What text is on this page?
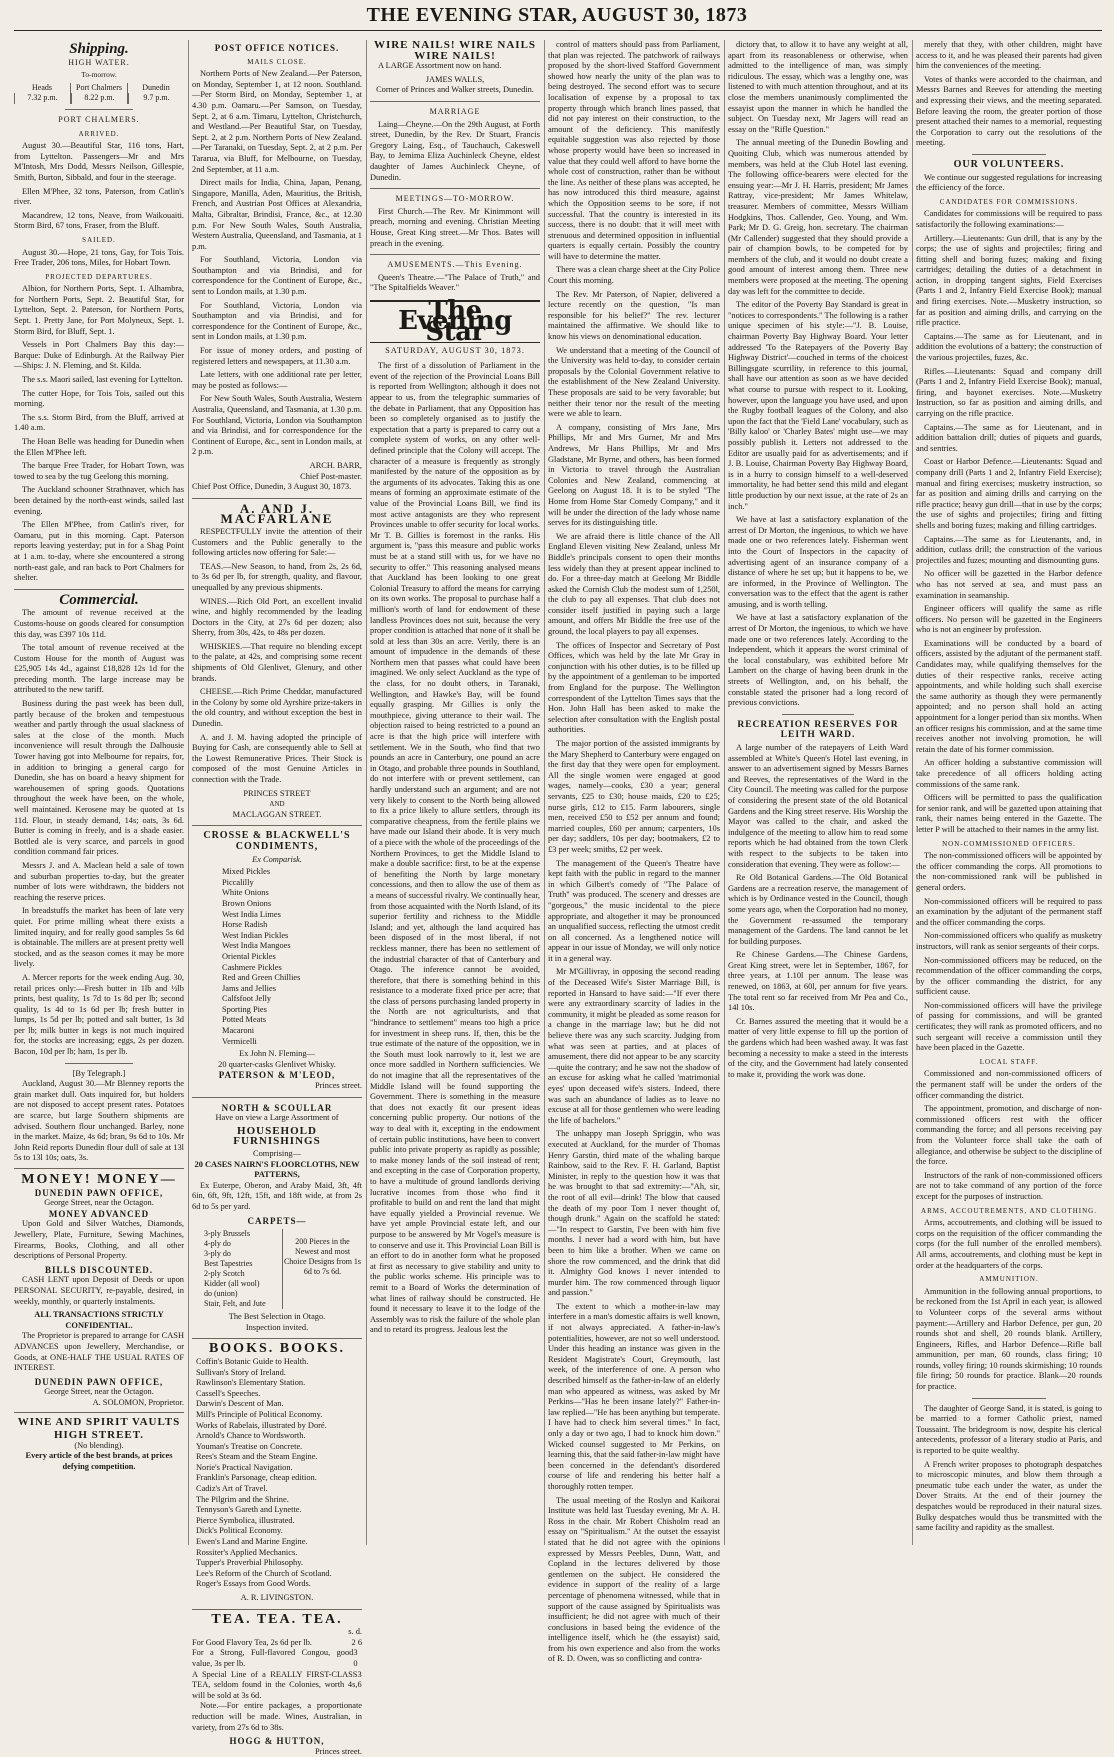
THE EVENING STAR, AUGUST 30, 1873
Shipping.
HIGH WATER.
To-morrow.
Heads
7.32 p.m.
Port Chalmers
8.22 p.m.
Dunedin
9.7 p.m.
PORT CHALMERS.
ARRIVED.

August 30.—Beautiful Star, 116 tons, Hart, from Lyttelton. Passengers—Mr and Mrs M'Intosh, Mrs Dodd, Messrs Neilson, Gillespie, Smith, Burton, Sibbald, and four in the steerage.

Ellen M'Phee, 32 tons, Paterson, from Catlin's river.

Macandrew, 12 tons, Neave, from Waikouaiti. Storm Bird, 67 tons, Fraser, from the Bluff.

SAILED.

August 30.—Hope, 21 tons, Gay, for Tois Tois. Free Trader, 206 tons, Miles, for Hobart Town.

PROJECTED DEPARTURES.

Albion, for Northern Ports, Sept. 1. Alhambra, for Northern Ports, Sept. 2. Beautiful Star, for Lyttelton, Sept. 2. Paterson, for Northern Ports, Sept. 1. Pretty Jane, for Port Molyneux, Sept. 1. Storm Bird, for Bluff, Sept. 1.

Vessels in Port Chalmers Bay this day:—Barque: Duke of Edinburgh. At the Railway Pier—Ships: J. N. Fleming, and St. Kilda.

The s.s. Maori sailed, last evening for Lyttelton.

The cutter Hope, for Tois Tois, sailed out this morning.

The s.s. Storm Bird, from the Bluff, arrived at 1.40 a.m.

The Hoan Belle was heading for Dunedin when the Ellen M'Phee left.

The barque Free Trader, for Hobart Town, was towed to sea by the tug Geelong this morning.

The Auckland schooner Strathnaver, which has been detained by the north-east winds, sailed last evening.

The Ellen M'Phee, from Catlin's river, for Oamaru, put in this morning. Capt. Paterson reports leaving yesterday; put in for a Shag Point at 1 a.m. to-day, where she encountered a strong north-east gale, and ran back to Port Chalmers for shelter.

Commercial.

The amount of revenue received at the Customs-house on goods cleared for consumption this day, was £397 10s 11d.

The total amount of revenue received at the Custom House for the month of August was £25,905 14s 4d., against £18,828 12s 1d for the preceding month. The large increase may be attributed to the new tariff.

Business during the past week has been dull, partly because of the broken and tempestuous weather and partly through the usual slackness of sales at the close of the month. Much inconvenience will result through the Dalhousie Tower having got into Melbourne for repairs, for, in addition to bringing a general cargo for Dunedin, she has on board a heavy shipment for warehousemen of spring goods. Quotations throughout the week have been, on the whole, well maintained. Kerosene may be quoted at 1s 11d. Flour, in steady demand, 14s; oats, 3s 6d. Butter is coming in freely, and is a shade easier. Bottled ale is very scarce, and parcels in good condition command fair prices.

Messrs J. and A. Maclean held a sale of town and suburban properties to-day, but the greater number of lots were withdrawn, the bidders not reaching the reserve prices.

In breadstuffs the market has been of late very quiet. For prime milling wheat there exists a limited inquiry, and for really good samples 5s 6d is obtainable. The millers are at present pretty well stocked, and as the season comes it may be more lively.

A. Mercer reports for the week ending Aug. 30, retail prices only:—Fresh butter in 1lb and ½lb prints, best quality, 1s 7d to 1s 8d per lb; second quality, 1s 4d to 1s 6d per lb; fresh butter in lumps, 1s 5d per lb; potted and salt butter, 1s 3d per lb; milk butter in kegs is not much inquired for, the stocks are increasing; eggs, 2s per dozen. Bacon, 10d per lb; ham, 1s per lb.

[By Telegraph.]

Auckland, August 30.—Mr Blenney reports the grain market dull. Oats inquired for, but holders are not disposed to accept present rates. Potatoes are scarce, but large Southern shipments are advised. Southern flour unchanged. Barley, none in the market. Maize, 4s 6d; bran, 9s 6d to 10s. Mr John Reid reports Dunedin flour dull of sale at 13l 5s to 13l 10s; oats, 3s.

MONEY! MONEY—
DUNEDIN PAWN OFFICE,
George Street, near the Octagon.
MONEY ADVANCED

Upon Gold and Silver Watches, Diamonds, Jewellery, Plate, Furniture, Sewing Machines, Firearms, Books, Clothing, and all other descriptions of Personal Property.

BILLS DISCOUNTED.

CASH LENT upon Deposit of Deeds or upon PERSONAL SECURITY, re-payable, desired, in weekly, monthly, or quarterly instalments.

ALL TRANSACTIONS STRICTLY CONFIDENTIAL.

The Proprietor is prepared to arrange for CASH ADVANCES upon Jewellery, Merchandise, or Goods, at ONE-HALF THE USUAL RATES OF INTEREST.

DUNEDIN PAWN OFFICE,
George Street, near the Octagon.
A. SOLOMON, Proprietor.
WINE AND SPIRIT VAULTS
HIGH STREET.
(No blending).
Every article of the best brands, at prices defying competition.
POST OFFICE NOTICES.
MAILS CLOSE.

Northern Ports of New Zealand.—Per Paterson, on Monday, September 1, at 12 noon. Southland.—Per Storm Bird, on Monday, September 1, at 4.30 p.m. Oamaru.—Per Samson, on Tuesday, Sept. 2, at 6 a.m. Timaru, Lyttelton, Christchurch, and Westland.—Per Beautiful Star, on Tuesday, Sept. 2, at 2 p.m. Northern Ports of New Zealand.—Per Taranaki, on Tuesday, Sept. 2, at 2 p.m. Per Tararua, via Bluff, for Melbourne, on Tuesday, 2nd September, at 11 a.m.

Direct mails for India, China, Japan, Penang, Singapore, Manilla, Aden, Mauritius, the British, French, and Austrian Post Offices at Alexandria, Malta, Gibraltar, Brindisi, France, &c., at 12.30 p.m. For New South Wales, South Australia, Western Australia, Queensland, and Tasmania, at 1 p.m.

For Southland, Victoria, London via Southampton and via Brindisi, and for correspondence for the Continent of Europe, &c., sent to London mails, at 1.30 p.m.

For Southland, Victoria, London via Southampton and via Brindisi, and for correspondence for the Continent of Europe, &c., sent in London mails, at 1.30 p.m.

For issue of money orders, and posting of registered letters and newspapers, at 11.30 a.m.

Late letters, with one additional rate per letter, may be posted as follows:—

For New South Wales, South Australia, Western Australia, Queensland, and Tasmania, at 1.30 p.m. For Southland, Victoria, London via Southampton and via Brindisi, and for correspondence for the Continent of Europe, &c., sent in London mails, at 2 p.m.

ARCH. BARR,
Chief Post-master.
Chief Post Office, Dunedin, 3 August 30, 1873.
A. AND J. MACFARLANE

RESPECTFULLY invite the attention of their Customers and the Public generally to the following articles now offering for Sale:—

TEAS.—New Season, to hand, from 2s, 2s 6d, to 3s 6d per lb, for strength, quality, and flavour, unequalled by any previous shipments.

WINES.—Rich Old Port, an excellent invalid wine, and highly recommended by the leading Doctors in the City, at 27s 6d per dozen; also Sherry, from 30s, 42s, to 48s per dozen.

WHISKIES.—That require no blending except to the palate, at 42s, and comprising some recent shipments of Old Glenlivet, Glenury, and other brands.

CHEESE.—Rich Prime Cheddar, manufactured in the Colony by some old Ayrshire prize-takers in the old country, and without exception the best in Dunedin.

A. and J. M. having adopted the principle of Buying for Cash, are consequently able to Sell at the Lowest Remunerative Prices. Their Stock is composed of the most Genuine Articles in connection with the Trade.

PRINCES STREET
AND
MACLAGGAN STREET.
CROSSE & BLACKWELL'S CONDIMENTS,
Ex Comparisk.
Mixed Pickles
Piccalilly
White Onions
Brown Onions
West India Limes
Horse Radish
West Indian Pickles
West India Mangoes
Oriental Pickles
Cashmere Pickles
Red and Green Chillies
Jams and Jellies
Calfsfoot Jelly
Sporting Pies
Potted Meats
Macaroni
Vermicelli
Ex John N. Fleming—
20 quarter-casks Glenlivet Whisky.
PATERSON & M'LEOD,
Princes street.
NORTH & SCOULLAR
Have on view a Large Assortment of
HOUSEHOLD FURNISHINGS
Comprising—
20 CASES NAIRN'S FLOORCLOTHS, NEW PATTERNS,

Ex Euterpe, Oberon, and Araby Maid, 3ft, 4ft 6in, 6ft, 9ft, 12ft, 15ft, and 18ft wide, at from 2s 6d to 5s per yard.

CARPETS—
3-ply Brussels
4-ply do
3-ply do
Best Tapestries
2-ply Scotch
Kidder (all wool)
do (union)
Stair, Felt, and Jute
200 Pieces in the Newest and most Choice Designs from 1s 6d to 7s 6d.
The Best Selection in Otago.
Inspection invited.
BOOKS. BOOKS.
Coffin's Botanic Guide to Health.
Sullivan's Story of Ireland.
Rawlinson's Elementary Station.
Cassell's Speeches.
Darwin's Descent of Man.
Mill's Principle of Political Economy.
Works of Rabelais, illustrated by Doré.
Arnold's Chance to Wordsworth.
Youman's Treatise on Concrete.
Rees's Steam and the Steam Engine.
Norie's Practical Navigation.
Franklin's Parsonage, cheap edition.
Cadiz's Art of Travel.
The Pilgrim and the Shrine.
Tennyson's Gareth and Lynette.
Pierce Symbolica, illustrated.
Dick's Political Economy.
Ewen's Land and Marine Engine.
Rossiter's Applied Mechanics.
Tupper's Proverbial Philosophy.
Lee's Reform of the Church of Scotland.
Roger's Essays from Good Words.
A. R. LIVINGSTON.
TEA. TEA. TEA.
s. d.
For Good Flavory Tea, 2s 6d per lb.	2 6
For a Strong, Full-flavored Congou, good value, 3s per lb.
3 0
A Special Line of a REALLY FIRST-CLASS TEA, seldom found in the Colonies, worth 4s, will be sold at 3s 6d.
3 6

Note.—For entire packages, a proportionate reduction will be made. Wines, Australian, in variety, from 27s 6d to 38s.

HOGG & HUTTON,
Princes street.
WIRE NAILS! WIRE NAILS
WIRE NAILS!

A LARGE Assortment now on hand.

JAMES WALLS,
Corner of Princes and Walker streets, Dunedin.
MARRIAGE

Laing—Cheyne.—On the 29th August, at Forth street, Dunedin, by the Rev. Dr Stuart, Francis Gregory Laing, Esq., of Tauchauch, Cakeswell Bay, to Jemima Eliza Auchinleck Cheyne, eldest daughter of James Auchinleck Cheyne, of Dunedin.

MEETINGS—TO-MORROW.

First Church.—The Rev. Mr Kinimmont will preach, morning and evening. Christian Meeting House, Great King street.—Mr Thos. Bates will preach in the evening.

AMUSEMENTS.—This Evening.

Queen's Theatre.—"The Palace of Truth," and "The Spitalfields Weaver."

The Evening Star
SATURDAY, AUGUST 30, 1873.

The first of a dissolution of Parliament in the event of the rejection of the Provincial Loans Bill is reported from Wellington; although it does not appear to us, from the telegraphic summaries of the debate in Parliament, that any Opposition has been so completely organised as to justify the expectation that a party is prepared to carry out a complete system of works, on any other well-defined principle that the Colony will accept. The character of a measure is frequently as strongly manifested by the nature of the opposition as by the arguments of its advocates. Taking this as one means of forming an approximate estimate of the value of the Provincial Loans Bill, we find its most active antagonists are they who represent Provinces unable to offer security for local works. Mr T. B. Gillies is foremost in the ranks. His argument is, "pass this measure and public works must be at a stand still with us, for we have no security to offer." This reasoning analysed means that Auckland has been looking to one great Colonial Treasury to afford the means for carrying on its own works. The proposal to purchase half a million's worth of land for endowment of these landless Provinces does not suit, because the very proper condition is attached that none of it shall be sold at less than 30s an acre. Verily, there is an amount of impudence in the demands of these Northern men that passes what could have been imagined. We only select Auckland as the type of the class, for no doubt others, in Taranaki, Wellington, and Hawke's Bay, will be found equally grasping. Mr Gillies is only the mouthpiece, giving utterance to their wail. The objection raised to being restricted to a pound an acre is that the high price will interfere with settlement. We in the South, who find that two pounds an acre in Canterbury, one pound an acre in Otago, and probable three pounds in Southland, do not interfere with or prevent settlement, can hardly understand such an argument; and are not very likely to consent to the North being allowed to fix a price likely to allure settlers, through its comparative cheapness, from the fertile plains we have made our Island their abode. It is very much of a piece with the whole of the proceedings of the Northern Provinces, to get the Middle Island to make a double sacrifice: first, to be at the expense of benefiting the North by large monetary concessions, and then to allow the use of them as a means of successful rivalry. We continually hear, from those acquainted with the North Island, of its superior fertility and richness to the Middle Island; and yet, although the land acquired has been disposed of in the most liberal, if not reckless manner, there has been no settlement of the industrial character of that of Canterbury and Otago. The inference cannot be avoided, therefore, that there is something behind in this resistance to a moderate fixed price per acre; that the class of persons purchasing landed property in the North are not agriculturists, and that "hindrance to settlement" means too high a price for investment in sheep runs. If, then, this be the true estimate of the nature of the opposition, we in the South must look narrowly to it, lest we are once more saddled in Northern sufficiencies. We do not imagine that all the representatives of the Middle Island will be found supporting the Government. There is something in the measure that does not exactly fit our present ideas concerning public property. Our notions of the way to deal with it, excepting in the endowment of certain public institutions, have been to convert public into private property as rapidly as possible; to make money lands of the soil instead of rent; and excepting in the case of Corporation property, to have a multitude of ground landlords deriving lucrative incomes from those who find it profitable to build on and rent the land that might have equally yielded a Provincial revenue. We have yet ample Provincial estate left, and our purpose to be answered by Mr Vogel's measure is to conserve and use it. This Provincial Loan Bill is an effort to do in another form what he proposed at first as necessary to give stability and unity to the public works scheme. His principle was to remit to a Board of Works the determination of what lines of railway should be constructed. He found it necessary to leave it to the lodge of the Assembly was to risk the failure of the whole plan and to retard its progress. Jealous lest the

control of matters should pass from Parliament, that plan was rejected. The patchwork of railways proposed by the short-lived Stafford Government showed how nearly the unity of the plan was to being destroyed. The second effort was to secure localisation of expense by a proposal to tax property through which branch lines passed, that did not pay interest on their construction, to the amount of the deficiency. This manifestly equitable suggestion was also rejected by those whose property would have been so increased in value that they could well afford to have borne the whole cost of construction, rather than be without the line. As neither of these plans was accepted, he has now introduced this third measure, against which the Opposition seems to be sore, if not successful. That the country is interested in its success, there is no doubt: that it will meet with strenuous and determined opposition in influential quarters is equally certain. Possibly the country will have to determine the matter.

There was a clean charge sheet at the City Police Court this morning.

The Rev. Mr Paterson, of Napier, delivered a lecture recently on the question, "Is man responsible for his belief?" The rev. lecturer maintained the affirmative. We should like to know his views on denominational education.

We understand that a meeting of the Council of the University was held to-day, to consider certain proposals by the Colonial Government relative to the establishment of the New Zealand University. These proposals are said to be very favorable; but neither their tenor nor the result of the meeting were we able to learn.

A company, consisting of Mrs Jane, Mrs Phillips, Mr and Mrs Gurner, Mr and Mrs Andrews, Mr Hans Phillips, Mr and Mrs Gladstane, Mr Byrne, and others, has been formed in Victoria to travel through the Australian Colonies and New Zealand, commencing at Geelong on August 18. It is to be styled "The Home from Home Star Comedy Company," and it will be under the direction of the lady whose name serves for its distinguishing title.

We are afraid there is little chance of the All England Eleven visiting New Zealand, unless Mr Biddle's principals consent to open their months less widely than they at present appear inclined to do. For a three-day match at Geelong Mr Biddle asked the Cornish Club the modest sum of 1,250l, the club to pay all expenses. That club does not consider itself justified in paying such a large amount, and offers Mr Biddle the free use of the ground, the local players to pay all expenses.

The offices of Inspector and Secretary of Post Offices, which was held by the late Mr Gray in conjunction with his other duties, is to be filled up by the appointment of a gentleman to be imported from England for the purpose. The Wellington correspondent of the Lyttelton Times says that the Hon. John Hall has been asked to make the selection after consultation with the English postal authorities.

The major portion of the assisted immigrants by the Mary Shepherd to Canterbury were engaged on the first day that they were open for employment. All the single women were engaged at good wages, namely—cooks, £30 a year; general servants, £25 to £30; house maids, £20 to £25; nurse girls, £12 to £15. Farm labourers, single men, received £50 to £52 per annum and found; married couples, £60 per annum; carpenters, 10s per day; saddlers, 10s per day; bootmakers, £2 to £3 per week; smiths, £2 per week.

The management of the Queen's Theatre have kept faith with the public in regard to the manner in which Gilbert's comedy of "The Palace of Truth" was produced. The scenery and dresses are "gorgeous," the music incidental to the piece appropriate, and altogether it may be pronounced an unqualified success, reflecting the utmost credit on all concerned. As a lengthened notice will appear in our issue of Monday, we will only notice it in a general way.

Mr M'Gillivray, in opposing the second reading of the Deceased Wife's Sister Marriage Bill, is reported in Hansard to have said:—"If ever there were any extraordinary scarcity of ladies in the community, it might be pleaded as some reason for a change in the marriage law; but he did not believe there was any such scarcity. Judging from what was seen at parties, and at places of amusement, there did not appear to be any scarcity—quite the contrary; and he saw not the shadow of an excuse for asking what he called 'matrimonial eyes' upon deceased wife's sisters. Indeed, there was such an abundance of ladies as to leave no excuse at all for those gentlemen who were leading the life of bachelors."

The unhappy man Joseph Spriggin, who was executed at Auckland, for the murder of Thomas Henry Garstin, third mate of the whaling barque Rainbow, said to the Rev. F. H. Garland, Baptist Minister, in reply to the question how it was that he was brought to that sad extremity:—"Ah, sir, the root of all evil—drink! The blow that caused the death of my poor Tom I never thought of, though drunk." Again on the scaffold he stated:—"In respect to Garstin, I've been with him five months. I never had a word with him, but have been to him like a brother. When we came on shore the row commenced, and the drink that did it. Almighty God knows I never intended to murder him. The row commenced through liquor and passion."

The extent to which a mother-in-law may interfere in a man's domestic affairs is well known, if not always appreciated. A father-in-law's potentialities, however, are not so well understood. Under this heading an instance was given in the Resident Magistrate's Court, Greymouth, last week, of the interference of one. A person who described himself as the father-in-law of an elderly man who appeared as witness, was asked by Mr Perkins—"Has he been insane lately?" Father-in-law replied—"He has been anything but temperate. I have had to check him several times." In fact, only a day or two ago, I had to knock him down." Wicked counsel suggested to Mr Perkins, on learning this, that the said father-in-law might have been concerned in the defendant's disordered course of life and rendering his better half a thoroughly rotten temper.

The usual meeting of the Roslyn and Kaikorai Institute was held last Tuesday evening, Mr A. H. Ross in the chair. Mr Robert Chisholm read an essay on "Spiritualism." At the outset the essayist stated that he did not agree with the opinions expressed by Messrs Peebles, Dunn, Watt, and Copland in the lectures delivered by those gentlemen on the subject. He considered the evidence in support of the reality of a large percentage of phenomena witnessed, while that in support of the cause assigned by Spiritualists was insufficient; he did not agree with much of their conclusions in based being the evidence of the intelligence itself, which he (the essayist) said, from his own experience and also from the works of R. D. Owen, was so conflicting and contra-

dictory that, to allow it to have any weight at all, apart from its reasonableness or otherwise, when admitted to the intelligence of man, was simply ridiculous. The essay, which was a lengthy one, was listened to with much attention throughout, and at its close the members unanimously complimented the essayist upon the manner in which he handled the subject. On Tuesday next, Mr Jagers will read an essay on the "Rifle Question."

The annual meeting of the Dunedin Bowling and Quoiting Club, which was numerous attended by members, was held at the Club Hotel last evening. The following office-bearers were elected for the ensuing year:—Mr J. H. Harris, president; Mr James Rattray, vice-president; Mr James Whitelaw, treasurer. Members of committee, Messrs William Hodgkins, Thos. Callender, Geo. Young, and Wm. Park; Mr D. G. Greig, hon. secretary. The chairman (Mr Callender) suggested that they should provide a pair of champion bowls, to be competed for by members of the club, and it would no doubt create a good amount of interest among them. Three new members were proposed at the meeting. The opening day was left for the committee to decide.

The editor of the Poverty Bay Standard is great in "notices to correspondents." The following is a rather unique specimen of his style:—"J. B. Louise, chairman Poverty Bay Highway Board. Your letter addressed 'To the Ratepayers of the Poverty Bay Highway District'—couched in terms of the choicest Billingsgate scurrility, in reference to this journal, shall have our attention as soon as we have decided what course to pursue with respect to it. Looking, however, upon the language you have used, and upon the Rugby football leagues of the Colony, and also upon the fact that the 'Field Lane' vocabulary, such as 'Billy kaloo' or 'Charley Bates' might use—we may possibly publish it. Letters not addressed to the Editor are usually paid for as advertisements; and if J. B. Louise, Chairman Poverty Bay Highway Board, is in a hurry to consign himself to a well-deserved immortality, he had better send this mild and elegant little production by our next issue, at the rate of 2s an inch."

We have at last a satisfactory explanation of the arrest of Dr Morton, the ingenious, to which we have made one or two references lately. Fisherman went into the Court of Inspectors in the capacity of advertising agent of an insurance company of a distance of where he set up; but it happens to be, we are informed, in the Province of Wellington. The conversation was to the effect that the agent is rather amusing, and is worth telling.

We have at last a satisfactory explanation of the arrest of Dr Morton, the ingenious, to which we have made one or two references lately. According to the Independent, which it appears the worst criminal of the local constabulary, was exhibited before Mr Lambert on the charge of having been drunk in the streets of Wellington, and, on his behalf, the constable stated the prisoner had a long record of previous convictions.

RECREATION RESERVES FOR LEITH WARD.

A large number of the ratepayers of Leith Ward assembled at White's Queen's Hotel last evening, in answer to an advertisement signed by Messrs Barnes and Reeves, the representatives of the Ward in the City Council. The meeting was called for the purpose of considering the present state of the old Botanical Gardens and the King street reserve. His Worship the Mayor was called to the chair, and asked the indulgence of the meeting to allow him to read some reports which he had obtained from the town Clerk with respect to the subjects to be taken into consideration that evening. They were as follow:—

Re Old Botanical Gardens.—The Old Botanical Gardens are a recreation reserve, the management of which is by Ordinance vested in the Council, though some years ago, when the Corporation had no money, the Government re-assumed the temporary management of the Gardens. The land cannot be let for building purposes.

Re Chinese Gardens.—The Chinese Gardens, Great King street, were let in September, 1867, for three years, at 1.10l per annum. The lease was renewed, on 1863, at 60l, per annum for five years. The total rent so far received from Mr Pea and Co., 14l 10s.

Cr. Barnes assured the meeting that it would be a matter of very little expense to fill up the portion of the gardens which had been washed away. It was fast becoming a necessity to make a steed in the interests of the city, and the Government had lately consented to make it, providing the work was done.

merely that they, with other children, might have access to it, and he was pleased their parents had given him the conveniences of the meeting.

Votes of thanks were accorded to the chairman, and Messrs Barnes and Reeves for attending the meeting and expressing their views, and the meeting separated. Before leaving the room, the greater portion of those present attached their names to a memorial, requesting the Corporation to carry out the resolutions of the meeting.

OUR VOLUNTEERS.

We continue our suggested regulations for increasing the efficiency of the force.

CANDIDATES FOR COMMISSIONS.

Candidates for commissions will be required to pass satisfactorily the following examinations:—

Artillery.—Lieutenants: Gun drill, that is any by the corps; the use of sights and projectiles; firing and fitting shell and boring fuzes; making and fixing cartridges; detailing the duties of a detachment in action, in dropping tangent sights, Field Exercises (Parts 1 and 2, Infantry Field Exercise Book); manual and firing exercises. Note.—Musketry instruction, so far as position and aiming drills, and carrying on the rifle practice.

Captains.—The same as for Lieutenant, and in addition the evolutions of a battery; the construction of the various projectiles, fuzes, &c.

Rifles.—Lieutenants: Squad and company drill (Parts 1 and 2, Infantry Field Exercise Book); manual, firing, and bayonet exercises. Note.—Musketry Instruction, so far as position and aiming drills, and carrying on the rifle practice.

Captains.—The same as for Lieutenant, and in addition battalion drill; duties of piquets and guards, and sentries.

Coast or Harbor Defence.—Lieutenants: Squad and company drill (Parts 1 and 2, Infantry Field Exercise); manual and firing exercises; musketry instruction, so far as position and aiming drills and carrying on the rifle practice; heavy gun drill—that in use by the corps; the use of sights and projectiles; firing and fitting shells and boring fuzes; making and filling cartridges.

Captains.—The same as for Lieutenants, and, in addition, cutlass drill; the construction of the various projectiles and fuzes; mounting and dismounting guns.

No officer will be gazetted in the Harbor defence who has not served at sea, and must pass an examination in seamanship.

Engineer officers will qualify the same as rifle officers. No person will be gazetted in the Engineers who is not an engineer by profession.

Examinations will be conducted by a board of officers, assisted by the adjutant of the permanent staff. Candidates may, while qualifying themselves for the duties of their respective ranks, receive acting appointments, and while holding such shall exercise the same authority as though they were permanently appointed; and no person shall hold an acting appointment for a longer period than six months. When an officer resigns his commission, and at the same time receives another not involving promotion, he will retain the date of his former commission.

An officer holding a substantive commission will take precedence of all officers holding acting commissions of the same rank.

Officers will be permitted to pass the qualification for senior rank, and will be gazetted upon attaining that rank, their names being entered in the Gazette. The letter P will be attached to their names in the army list.

NON-COMMISSIONED OFFICERS.

The non-commissioned officers will be appointed by the officer commanding the corps. All promotions to the non-commissioned rank will be published in general orders.

Non-commissioned officers will be required to pass an examination by the adjutant of the permanent staff and the officer commanding the corps.

Non-commissioned officers who qualify as musketry instructors, will rank as senior sergeants of their corps.

Non-commissioned officers may be reduced, on the recommendation of the officer commanding the corps, by the officer commanding the district, for any sufficient cause.

Non-commissioned officers will have the privilege of passing for commissions, and will be granted certificates; they will rank as promoted officers, and no such sergeant will receive a commission until they have been placed in the Gazette.

LOCAL STAFF.

Commissioned and non-commissioned officers of the permanent staff will be under the orders of the officer commanding the district.

The appointment, promotion, and discharge of non-commissioned officers rest with the officer commanding the force; and all persons receiving pay from the Volunteer force shall take the oath of allegiance, and otherwise be subject to the discipline of the force.

Instructors of the rank of non-commissioned officers are not to take command of any portion of the force except for the purposes of instruction.

ARMS, ACCOUTREMENTS, AND CLOTHING.

Arms, accoutrements, and clothing will be issued to corps on the requisition of the officer commanding the corps (for the full number of the enrolled members). All arms, accoutrements, and clothing must be kept in order at the headquarters of the corps.

AMMUNITION.

Ammunition in the following annual proportions, to be reckoned from the 1st April in each year, is allowed to Volunteer corps of the several arms without payment:—Artillery and Harbor Defence, per gun, 20 rounds shot and shell, 20 rounds blank. Artillery, Engineers, Rifles, and Harbor Defence—Rifle ball ammunition, per man, 60 rounds, class firing; 10 rounds, volley firing; 10 rounds skirmishing; 10 rounds file firing; 50 rounds for practice. Blank—20 rounds for practice.

The daughter of George Sand, it is stated, is going to be married to a former Catholic priest, named Toussaint. The bridegroom is now, despite his clerical antecedents, professor of a literary studio at Paris, and is reported to be quite wealthy.

A French writer proposes to photograph despatches to microscopic minutes, and blow them through a pneumatic tube each under the water, as under the Dover Straits. At the end of their journey the despatches would be reproduced in their natural sizes. Bulky despatches would thus be transmitted with the same facility and rapidity as the smallest.
